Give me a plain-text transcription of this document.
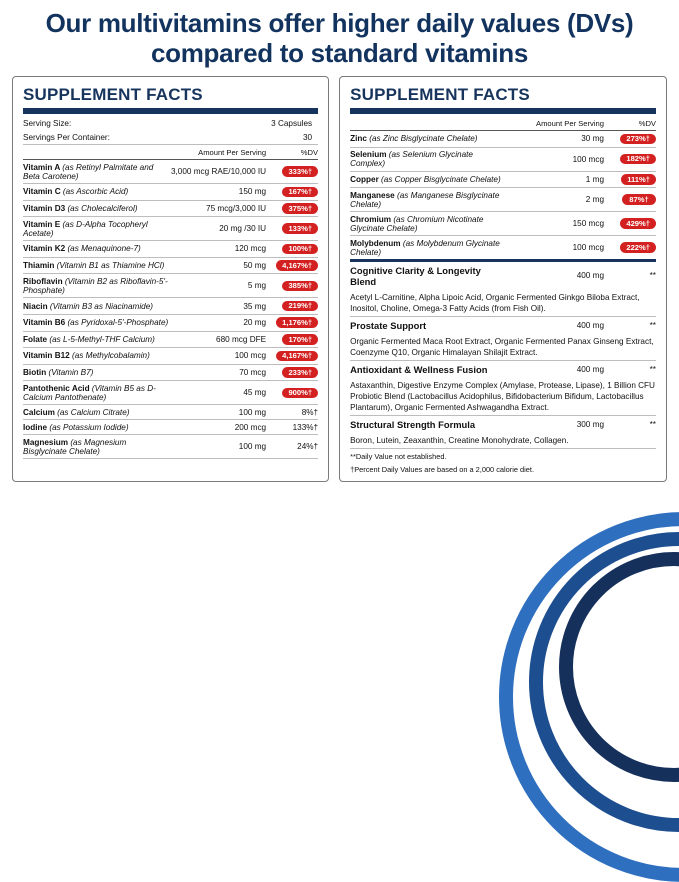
Our multivitamins offer higher daily values (DVs) compared to standard vitamins
SUPPLEMENT FACTS
Serving Size:	3 Capsules	
Servings Per Container:	30	
	Amount Per Serving	%DV
Vitamin A (as Retinyl Palmitate and Beta Carotene)	3,000 mcg RAE/10,000 IU	333%†
Vitamin C (as Ascorbic Acid)	150 mg	167%†
Vitamin D3 (as Cholecalciferol)	75 mcg/3,000 IU	375%†
Vitamin E (as D-Alpha Tocopheryl Acetate)	20 mg /30 IU	133%†
Vitamin K2 (as Menaquinone-7)	120 mcg	100%†
Thiamin (Vitamin B1 as Thiamine HCl)	50 mg	4,167%†
Riboflavin (Vitamin B2 as Riboflavin-5'-Phosphate)	5 mg	385%†
Niacin (Vitamin B3 as Niacinamide)	35 mg	219%†
Vitamin B6 (as Pyridoxal-5'-Phosphate)	20 mg	1,176%†
Folate (as L-5-Methyl-THF Calcium)	680 mcg DFE	170%†
Vitamin B12 (as Methylcobalamin)	100 mcg	4,167%†
Biotin (Vitamin B7)	70 mcg	233%†
Pantothenic Acid (Vitamin B5 as D-Calcium Pantothenate)	45 mg	900%†
Calcium (as Calcium Citrate)	100 mg	8%†
Iodine (as Potassium Iodide)	200 mcg	133%†
Magnesium (as Magnesium Bisglycinate Chelate)	100 mg	24%†
SUPPLEMENT FACTS
	Amount Per Serving	%DV
Zinc (as Zinc Bisglycinate Chelate)	30 mg	273%†
Selenium (as Selenium Glycinate Complex)	100 mcg	182%†
Copper (as Copper Bisglycinate Chelate)	1 mg	111%†
Manganese (as Manganese Bisglycinate Chelate)	2 mg	87%†
Chromium (as Chromium Nicotinate Glycinate Chelate)	150 mcg	429%†
Molybdenum (as Molybdenum Glycinate Chelate)	100 mcg	222%†
Cognitive Clarity & Longevity Blend	400 mg	**
Acetyl L-Carnitine, Alpha Lipoic Acid, Organic Fermented Ginkgo Biloba Extract, Inositol, Choline, Omega-3 Fatty Acids (from Fish Oil).		
Prostate Support	400 mg	**
Organic Fermented Maca Root Extract, Organic Fermented Panax Ginseng Extract, Coenzyme Q10, Organic Himalayan Shilajit Extract.		
Antioxidant & Wellness Fusion	400 mg	**
Astaxanthin, Digestive Enzyme Complex (Amylase, Protease, Lipase), 1 Billion CFU Probiotic Blend (Lactobacillus Acidophilus, Bifidobacterium Bifidum, Lactobacillus Plantarum), Organic Fermented Ashwagandha Extract.		
Structural Strength Formula	300 mg	**
Boron, Lutein, Zeaxanthin, Creatine Monohydrate, Collagen.		
**Daily Value not established.
†Percent Daily Values are based on a 2,000 calorie diet.
